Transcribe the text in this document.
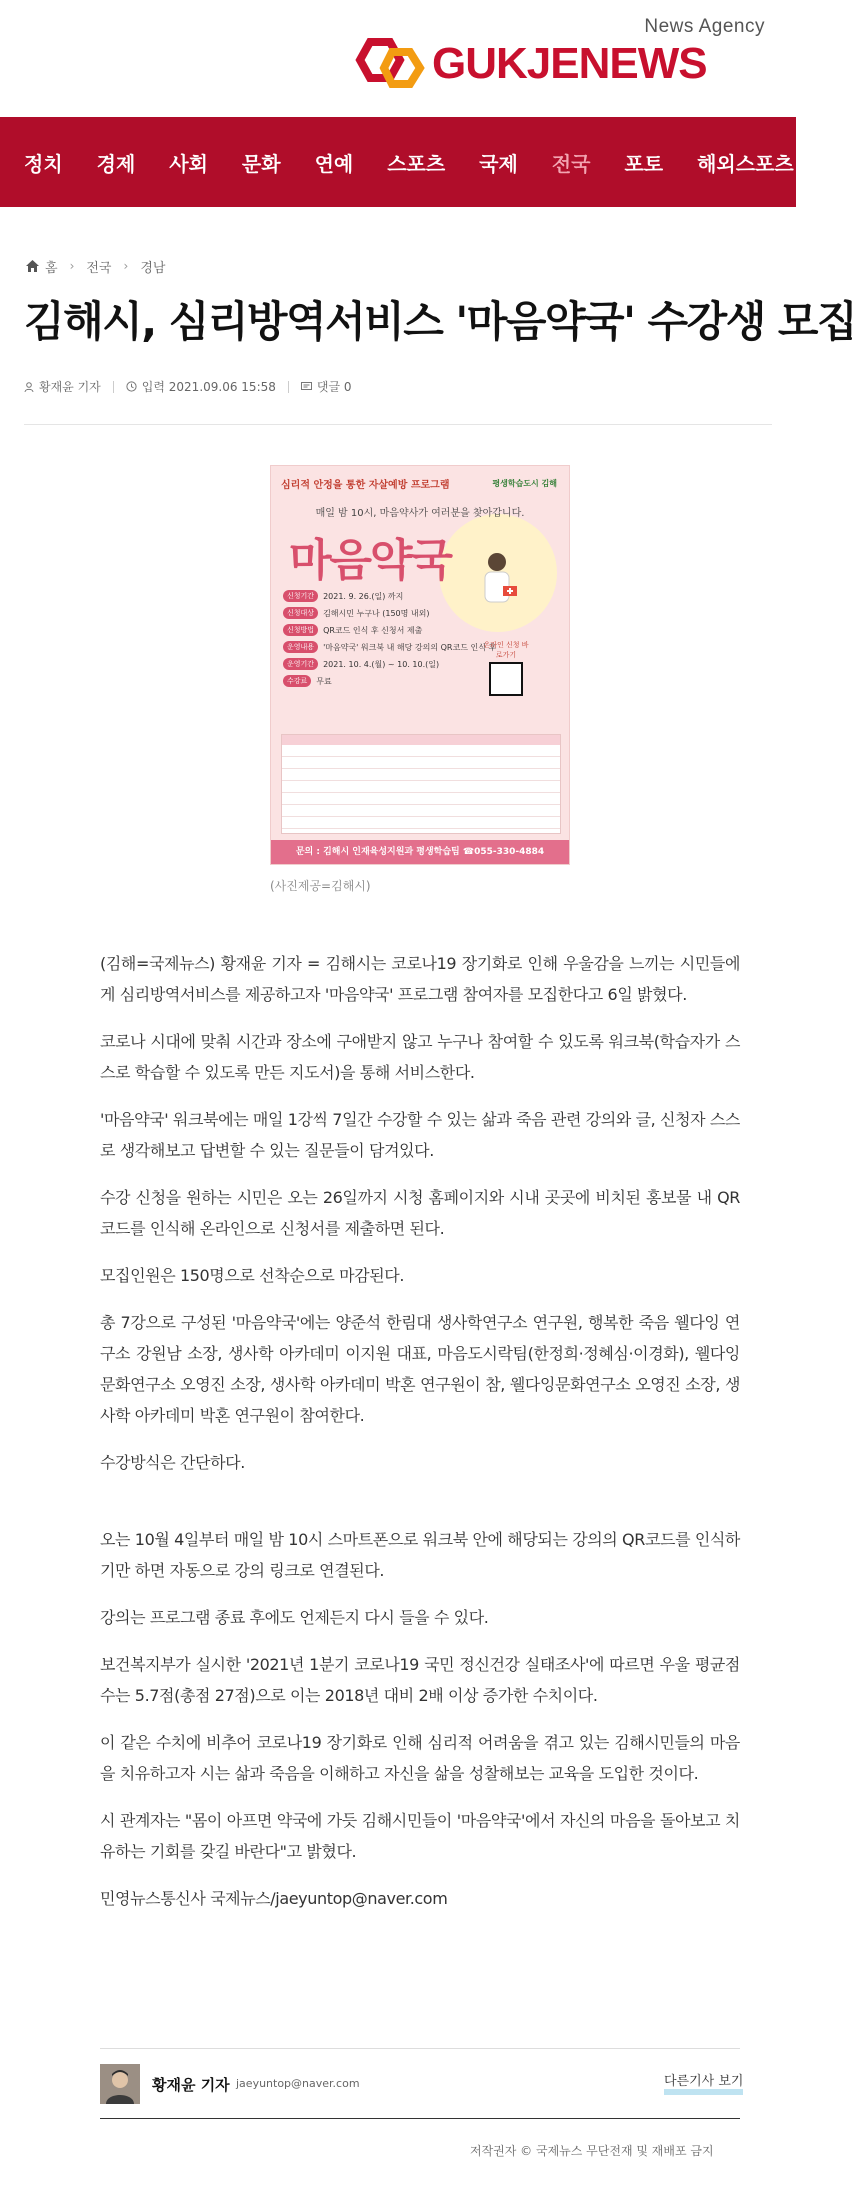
News Agency
GUKJENEWS
정치 경제 사회 문화 연예 스포츠 국제 전국 포토 해외스포츠 해
홈 › 전국 › 경남
김해시, 심리방역서비스 '마음약국' 수강생 모집
황재윤 기자	입력 2021.09.06 15:58	댓글 0
심리적 안정을 통한 자살예방 프로그램	평생학습도시 김해
매일 밤 10시, 마음약사가 여러분을 찾아갑니다.
마음약국
신청기간	2021. 9. 26.(일) 까지
신청대상	김해시민 누구나 (150명 내외)
신청방법	QR코드 인식 후 신청서 제출
운영내용	'마음약국' 워크북 내 해당 강의의 QR코드 인식 후
운영기간	2021. 10. 4.(월) ~ 10. 10.(일)
수강료	무료
온라인 신청 바로가기
문의 : 김해시 인재육성지원과 평생학습팀 ☎055-330-4884
(사진제공=김해시)

(김해=국제뉴스) 황재윤 기자 = 김해시는 코로나19 장기화로 인해 우울감을 느끼는 시민들에게 심리방역서비스를 제공하고자 '마음약국' 프로그램 참여자를 모집한다고 6일 밝혔다.

코로나 시대에 맞춰 시간과 장소에 구애받지 않고 누구나 참여할 수 있도록 워크북(학습자가 스스로 학습할 수 있도록 만든 지도서)을 통해 서비스한다.

'마음약국' 워크북에는 매일 1강씩 7일간 수강할 수 있는 삶과 죽음 관련 강의와 글, 신청자 스스로 생각해보고 답변할 수 있는 질문들이 담겨있다.

수강 신청을 원하는 시민은 오는 26일까지 시청 홈페이지와 시내 곳곳에 비치된 홍보물 내 QR코드를 인식해 온라인으로 신청서를 제출하면 된다.

모집인원은 150명으로 선착순으로 마감된다.

총 7강으로 구성된 '마음약국'에는 양준석 한림대 생사학연구소 연구원, 행복한 죽음 웰다잉 연구소 강원남 소장, 생사학 아카데미 이지원 대표, 마음도시락팀(한정희·정혜심·이경화), 웰다잉문화연구소 오영진 소장, 생사학 아카데미 박혼 연구원이 참, 웰다잉문화연구소 오영진 소장, 생사학 아카데미 박혼 연구원이 참여한다.

수강방식은 간단하다.

오는 10월 4일부터 매일 밤 10시 스마트폰으로 워크북 안에 해당되는 강의의 QR코드를 인식하기만 하면 자동으로 강의 링크로 연결된다.

강의는 프로그램 종료 후에도 언제든지 다시 들을 수 있다.

보건복지부가 실시한 '2021년 1분기 코로나19 국민 정신건강 실태조사'에 따르면 우울 평균점수는 5.7점(총점 27점)으로 이는 2018년 대비 2배 이상 증가한 수치이다.

이 같은 수치에 비추어 코로나19 장기화로 인해 심리적 어려움을 겪고 있는 김해시민들의 마음을 치유하고자 시는 삶과 죽음을 이해하고 자신을 삶을 성찰해보는 교육을 도입한 것이다.

시 관계자는 "몸이 아프면 약국에 가듯 김해시민들이 '마음약국'에서 자신의 마음을 돌아보고 치유하는 기회를 갖길 바란다"고 밝혔다.

민영뉴스통신사 국제뉴스/jaeyuntop@naver.com

황재윤 기자 jaeyuntop@naver.com	다른기사 보기
저작권자 © 국제뉴스 무단전재 및 재배포 금지
